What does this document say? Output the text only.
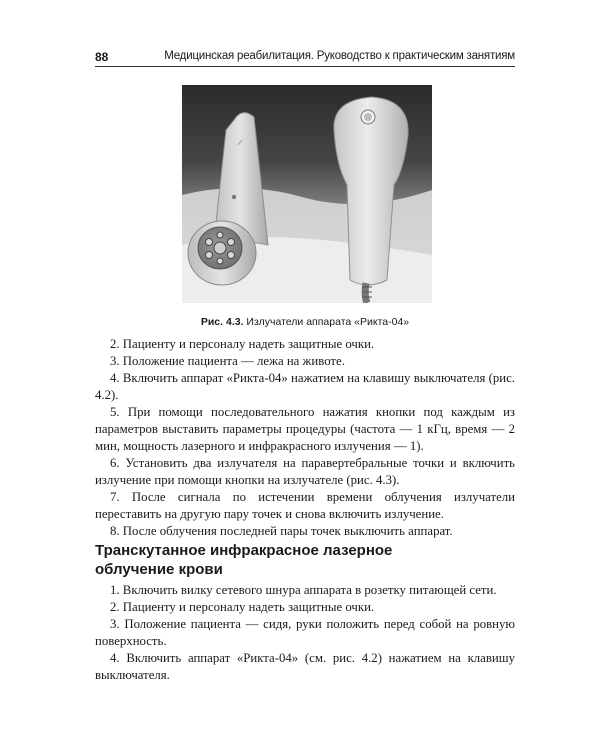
88	Медицинская реабилитация. Руководство к практическим занятиям
Рис. 4.3. Излучатели аппарата «Рикта-04»

2. Пациенту и персоналу надеть защитные очки.

3. Положение пациента — лежа на животе.

4. Включить аппарат «Рикта-04» нажатием на клавишу выключателя (рис. 4.2).

5. При помощи последовательного нажатия кнопки под каждым из параметров выставить параметры процедуры (частота — 1 кГц, время — 2 мин, мощность лазерного и инфракрасного излучения — 1).

6. Установить два излучателя на паравертебральные точки и включить излучение при помощи кнопки на излучателе (рис. 4.3).

7. После сигнала по истечении времени облучения излучатели переставить на другую пару точек и снова включить излучение.

8. После облучения последней пары точек выключить аппарат.

Транскутанное инфракрасное лазерное
облучение крови

1. Включить вилку сетевого шнура аппарата в розетку питающей сети.

2. Пациенту и персоналу надеть защитные очки.

3. Положение пациента — сидя, руки положить перед собой на ровную поверхность.

4. Включить аппарат «Рикта-04» (см. рис. 4.2) нажатием на клавишу выключателя.
